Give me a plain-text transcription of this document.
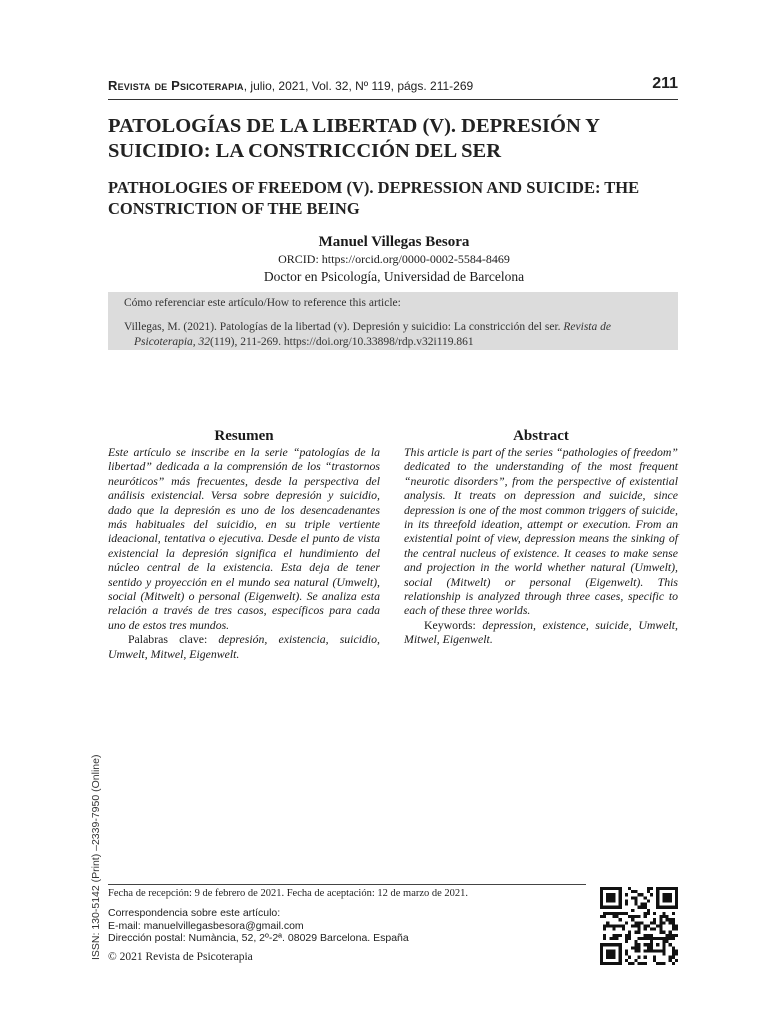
Revista de Psicoterapia, julio, 2021, Vol. 32, Nº 119, págs. 211-269	211
PATOLOGÍAS DE LA LIBERTAD (V). DEPRESIÓN Y SUICIDIO: LA CONSTRICCIÓN DEL SER
PATHOLOGIES OF FREEDOM (V). DEPRESSION AND SUICIDE: THE CONSTRICTION OF THE BEING
Manuel Villegas Besora
ORCID: https://orcid.org/0000-0002-5584-8469
Doctor en Psicología, Universidad de Barcelona
Cómo referenciar este artículo/How to reference this article:
Villegas, M. (2021). Patologías de la libertad (v). Depresión y suicidio: La constricción del ser. Revista de Psicoterapia, 32(119), 211-269. https://doi.org/10.33898/rdp.v32i119.861
Resumen
Este artículo se inscribe en la serie “patologías de la libertad” dedicada a la comprensión de los “trastornos neuróticos” más frecuentes, desde la perspectiva del análisis existencial. Versa sobre depresión y suicidio, dado que la depresión es uno de los desencadenantes más habituales del suicidio, en su triple vertiente ideacional, tentativa o ejecutiva. Desde el punto de vista existencial la depresión significa el hundimiento del núcleo central de la existencia. Esta deja de tener sentido y proyección en el mundo sea natural (Umwelt), social (Mitwelt) o personal (Eigenwelt). Se analiza esta relación a través de tres casos, específicos para cada uno de estos tres mundos.
Palabras clave: depresión, existencia, suicidio, Umwelt, Mitwel, Eigenwelt.
Abstract
This article is part of the series “pathologies of freedom” dedicated to the understanding of the most frequent “neurotic disorders”, from the perspective of existential analysis. It treats on depression and suicide, since depression is one of the most common triggers of suicide, in its threefold ideation, attempt or execution. From an existential point of view, depression means the sinking of the central nucleus of existence. It ceases to make sense and projection in the world whether natural (Umwelt), social (Mitwelt) or personal (Eigenwelt). This relationship is analyzed through three cases, specific to each of these three worlds.
Keywords: depression, existence, suicide, Umwelt, Mitwel, Eigenwelt.
Fecha de recepción: 9 de febrero de 2021. Fecha de aceptación: 12 de marzo de 2021.
Correspondencia sobre este artículo:
E-mail: manuelvillegasbesora@gmail.com
Dirección postal: Numància, 52, 2º-2ª. 08029 Barcelona. España
© 2021 Revista de Psicoterapia
ISSN: 130-5142 (Print) –2339-7950 (Online)
